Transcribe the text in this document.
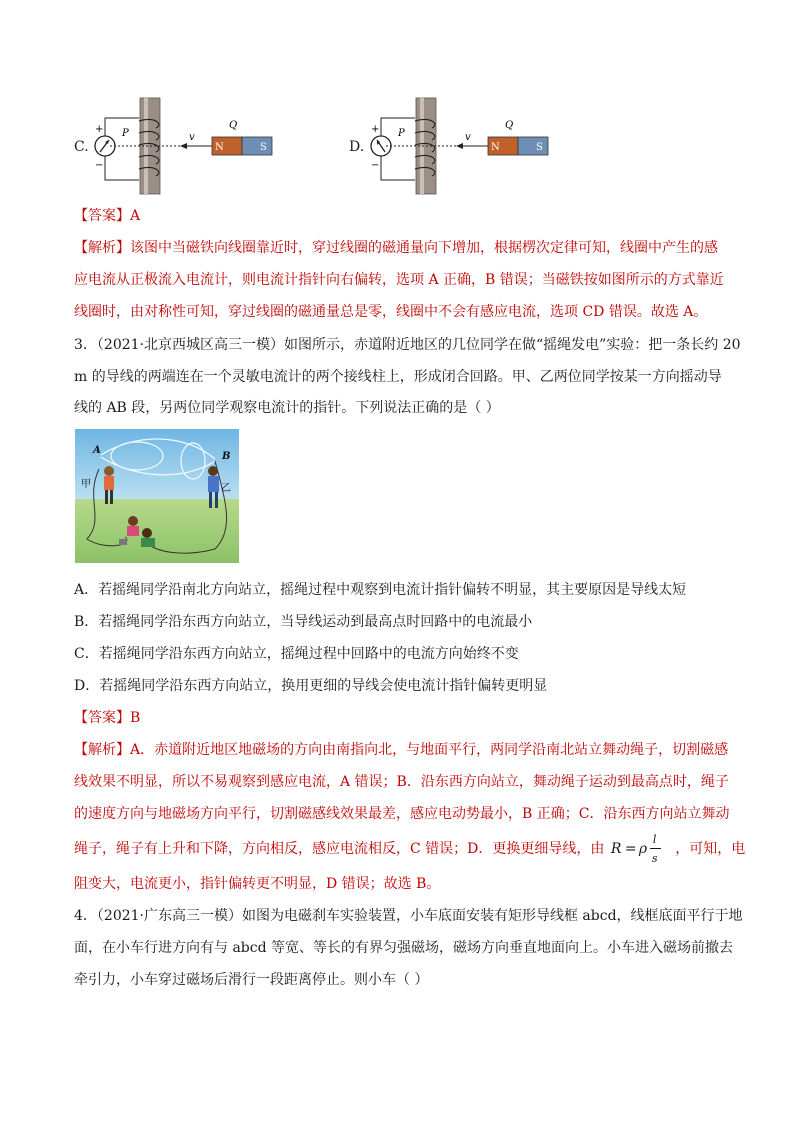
C.
+
−
P	v
Q
N	S	D.
+
−
P	v
Q
N	S
【答案】A
【解析】该图中当磁铁向线圈靠近时，穿过线圈的磁通量向下增加，根据楞次定律可知，线圈中产生的感
应电流从正极流入电流计，则电流计指针向右偏转，选项 A 正确，B 错误；当磁铁按如图所示的方式靠近
线圈时，由对称性可知，穿过线圈的磁通量总是零，线圈中不会有感应电流，选项 CD 错误。故选 A。
3．（2021·北京西城区高三一模）如图所示，赤道附近地区的几位同学在做“摇绳发电”实验：把一条长约 20
m 的导线的两端连在一个灵敏电流计的两个接线柱上，形成闭合回路。甲、乙两位同学按某一方向摇动导
线的 AB 段，另两位同学观察电流计的指针。下列说法正确的是（ ）
A
B
甲	乙
A．若摇绳同学沿南北方向站立，摇绳过程中观察到电流计指针偏转不明显，其主要原因是导线太短
B．若摇绳同学沿东西方向站立，当导线运动到最高点时回路中的电流最小
C．若摇绳同学沿东西方向站立，摇绳过程中回路中的电流方向始终不变
D．若摇绳同学沿东西方向站立，换用更细的导线会使电流计指针偏转更明显
【答案】B
【解析】A．赤道附近地区地磁场的方向由南指向北，与地面平行，两同学沿南北站立舞动绳子，切割磁感
线效果不明显，所以不易观察到感应电流，A 错误；B．沿东西方向站立，舞动绳子运动到最高点时，绳子
的速度方向与地磁场方向平行，切割磁感线效果最差，感应电动势最小，B 正确；C．沿东西方向站立舞动
绳子，绳子有上升和下降，方向相反，感应电流相反，C 错误；D．更换更细导线，由 R = ρ
l
s
，可知，电
阻变大，电流更小，指针偏转更不明显，D 错误；故选 B。
4．（2021·广东高三一模）如图为电磁刹车实验装置，小车底面安装有矩形导线框 abcd，线框底面平行于地
面，在小车行进方向有与 abcd 等宽、等长的有界匀强磁场，磁场方向垂直地面向上。小车进入磁场前撤去
牵引力，小车穿过磁场后滑行一段距离停止。则小车（ ）
